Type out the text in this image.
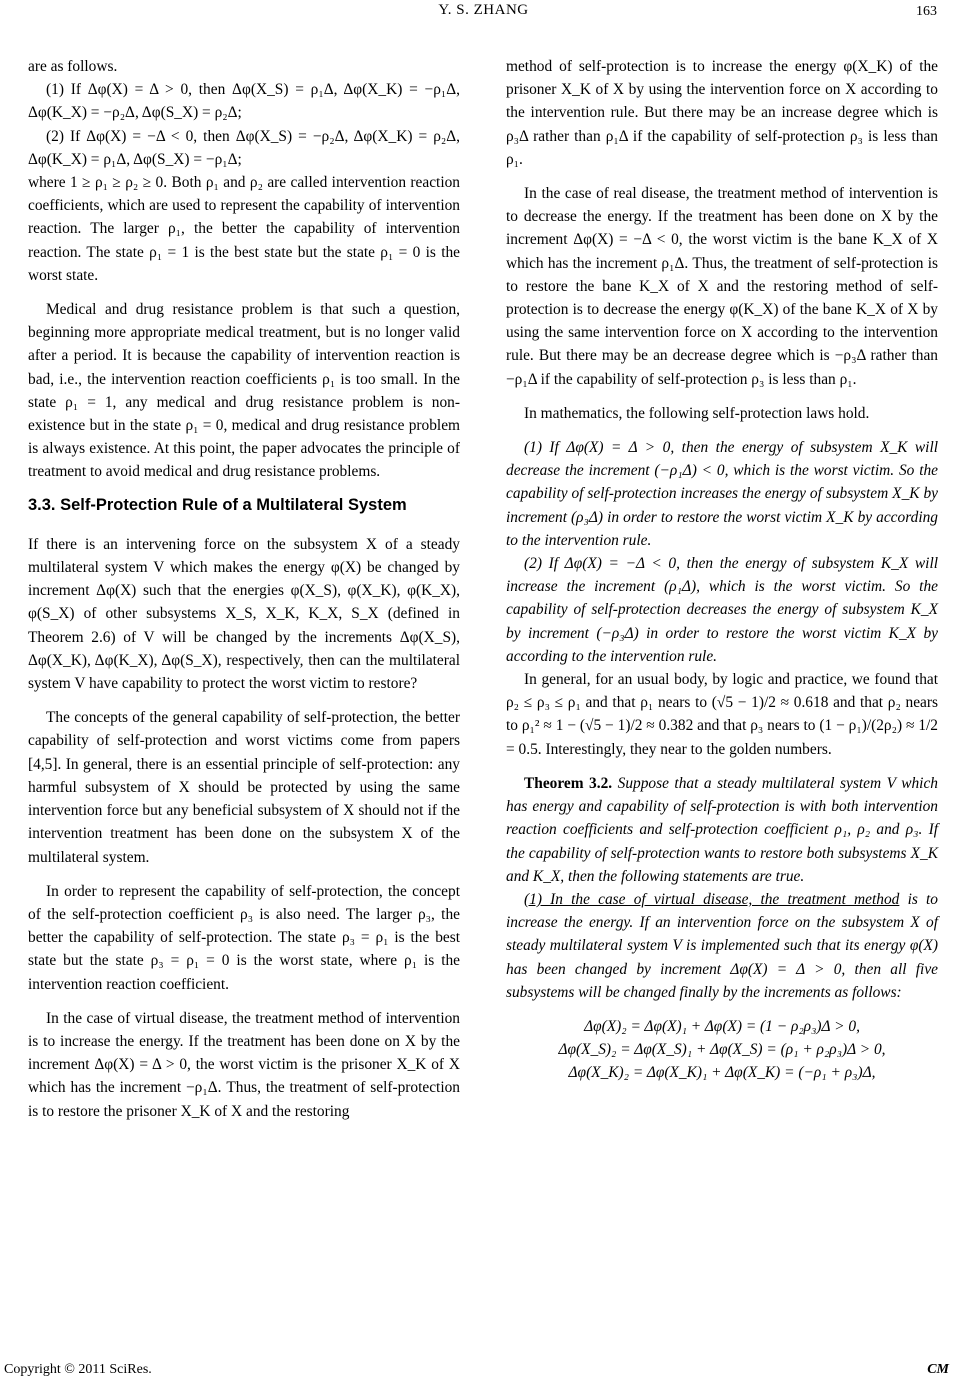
Y. S. ZHANG	163

are as follows.

(1) If Δφ(X) = Δ > 0, then Δφ(X_S) = ρ₁Δ, Δφ(X_K) = −ρ₁Δ, Δφ(K_X) = −ρ₂Δ, Δφ(S_X) = ρ₂Δ;

(2) If Δφ(X) = −Δ < 0, then Δφ(X_S) = −ρ₂Δ, Δφ(X_K) = ρ₂Δ, Δφ(K_X) = ρ₁Δ, Δφ(S_X) = −ρ₁Δ;

where 1 ≥ ρ₁ ≥ ρ₂ ≥ 0. Both ρ₁ and ρ₂ are called intervention reaction coefficients, which are used to represent the capability of intervention reaction. The larger ρ₁, the better the capability of intervention reaction. The state ρ₁ = 1 is the best state but the state ρ₁ = 0 is the worst state.

Medical and drug resistance problem is that such a question, beginning more appropriate medical treatment, but is no longer valid after a period. It is because the capability of intervention reaction is bad, i.e., the intervention reaction coefficients ρ₁ is too small. In the state ρ₁ = 1, any medical and drug resistance problem is non-existence but in the state ρ₁ = 0, medical and drug resistance problem is always existence. At this point, the paper advocates the principle of treatment to avoid medical and drug resistance problems.

3.3. Self-Protection Rule of a Multilateral System

If there is an intervening force on the subsystem X of a steady multilateral system V which makes the energy φ(X) be changed by increment Δφ(X) such that the energies φ(X_S), φ(X_K), φ(K_X), φ(S_X) of other subsystems X_S, X_K, K_X, S_X (defined in Theorem 2.6) of V will be changed by the increments Δφ(X_S), Δφ(X_K), Δφ(K_X), Δφ(S_X), respectively, then can the multilateral system V have capability to protect the worst victim to restore?

The concepts of the general capability of self-protection, the better capability of self-protection and worst victims come from papers [4,5]. In general, there is an essential principle of self-protection: any harmful subsystem of X should be protected by using the same intervention force but any beneficial subsystem of X should not if the intervention treatment has been done on the subsystem X of the multilateral system.

In order to represent the capability of self-protection, the concept of the self-protection coefficient ρ₃ is also need. The larger ρ₃, the better the capability of self-protection. The state ρ₃ = ρ₁ is the best state but the state ρ₃ = ρ₁ = 0 is the worst state, where ρ₁ is the intervention reaction coefficient.

In the case of virtual disease, the treatment method of intervention is to increase the energy. If the treatment has been done on X by the increment Δφ(X) = Δ > 0, the worst victim is the prisoner X_K of X which has the increment −ρ₁Δ. Thus, the treatment of self-protection is to restore the prisoner X_K of X and the restoring

method of self-protection is to increase the energy φ(X_K) of the prisoner X_K of X by using the intervention force on X according to the intervention rule. But there may be an increase degree which is ρ₃Δ rather than ρ₁Δ if the capability of self-protection ρ₃ is less than ρ₁.

In the case of real disease, the treatment method of intervention is to decrease the energy. If the treatment has been done on X by the increment Δφ(X) = −Δ < 0, the worst victim is the bane K_X of X which has the increment ρ₁Δ. Thus, the treatment of self-protection is to restore the bane K_X of X and the restoring method of self-protection is to decrease the energy φ(K_X) of the bane K_X of X by using the same intervention force on X according to the intervention rule. But there may be an decrease degree which is −ρ₃Δ rather than −ρ₁Δ if the capability of self-protection ρ₃ is less than ρ₁.

In mathematics, the following self-protection laws hold.

(1) If Δφ(X) = Δ > 0, then the energy of subsystem X_K will decrease the increment (−ρ₁Δ) < 0, which is the worst victim. So the capability of self-protection increases the energy of subsystem X_K by increment (ρ₃Δ) in order to restore the worst victim X_K by according to the intervention rule.

(2) If Δφ(X) = −Δ < 0, then the energy of subsystem K_X will increase the increment (ρ₁Δ), which is the worst victim. So the capability of self-protection decreases the energy of subsystem K_X by increment (−ρ₃Δ) in order to restore the worst victim K_X by according to the intervention rule.

In general, for an usual body, by logic and practice, we found that ρ₂ ≤ ρ₃ ≤ ρ₁ and that ρ₁ nears to (√5 − 1)/2 ≈ 0.618 and that ρ₂ nears to ρ₁² ≈ 1 − (√5 − 1)/2 ≈ 0.382 and that ρ₃ nears to (1 − ρ₁)/(2ρ₂) ≈ 1/2 = 0.5. Interestingly, they near to the golden numbers.

Theorem 3.2. Suppose that a steady multilateral system V which has energy and capability of self-protection is with both intervention reaction coefficients and self-protection coefficient ρ₁, ρ₂ and ρ₃. If the capability of self-protection wants to restore both subsystems X_K and K_X, then the following statements are true.

(1) In the case of virtual disease, the treatment method is to increase the energy. If an intervention force on the subsystem X of steady multilateral system V is implemented such that its energy φ(X) has been changed by increment Δφ(X) = Δ > 0, then all five subsystems will be changed finally by the increments as follows:

Δφ(X)₂ = Δφ(X)₁ + Δφ(X) = (1 − ρ₂ρ₃)Δ > 0,
Δφ(X_S)₂ = Δφ(X_S)₁ + Δφ(X_S) = (ρ₁ + ρ₂ρ₃)Δ > 0,
Δφ(X_K)₂ = Δφ(X_K)₁ + Δφ(X_K) = (−ρ₁ + ρ₃)Δ,
Copyright © 2011 SciRes.	CM
